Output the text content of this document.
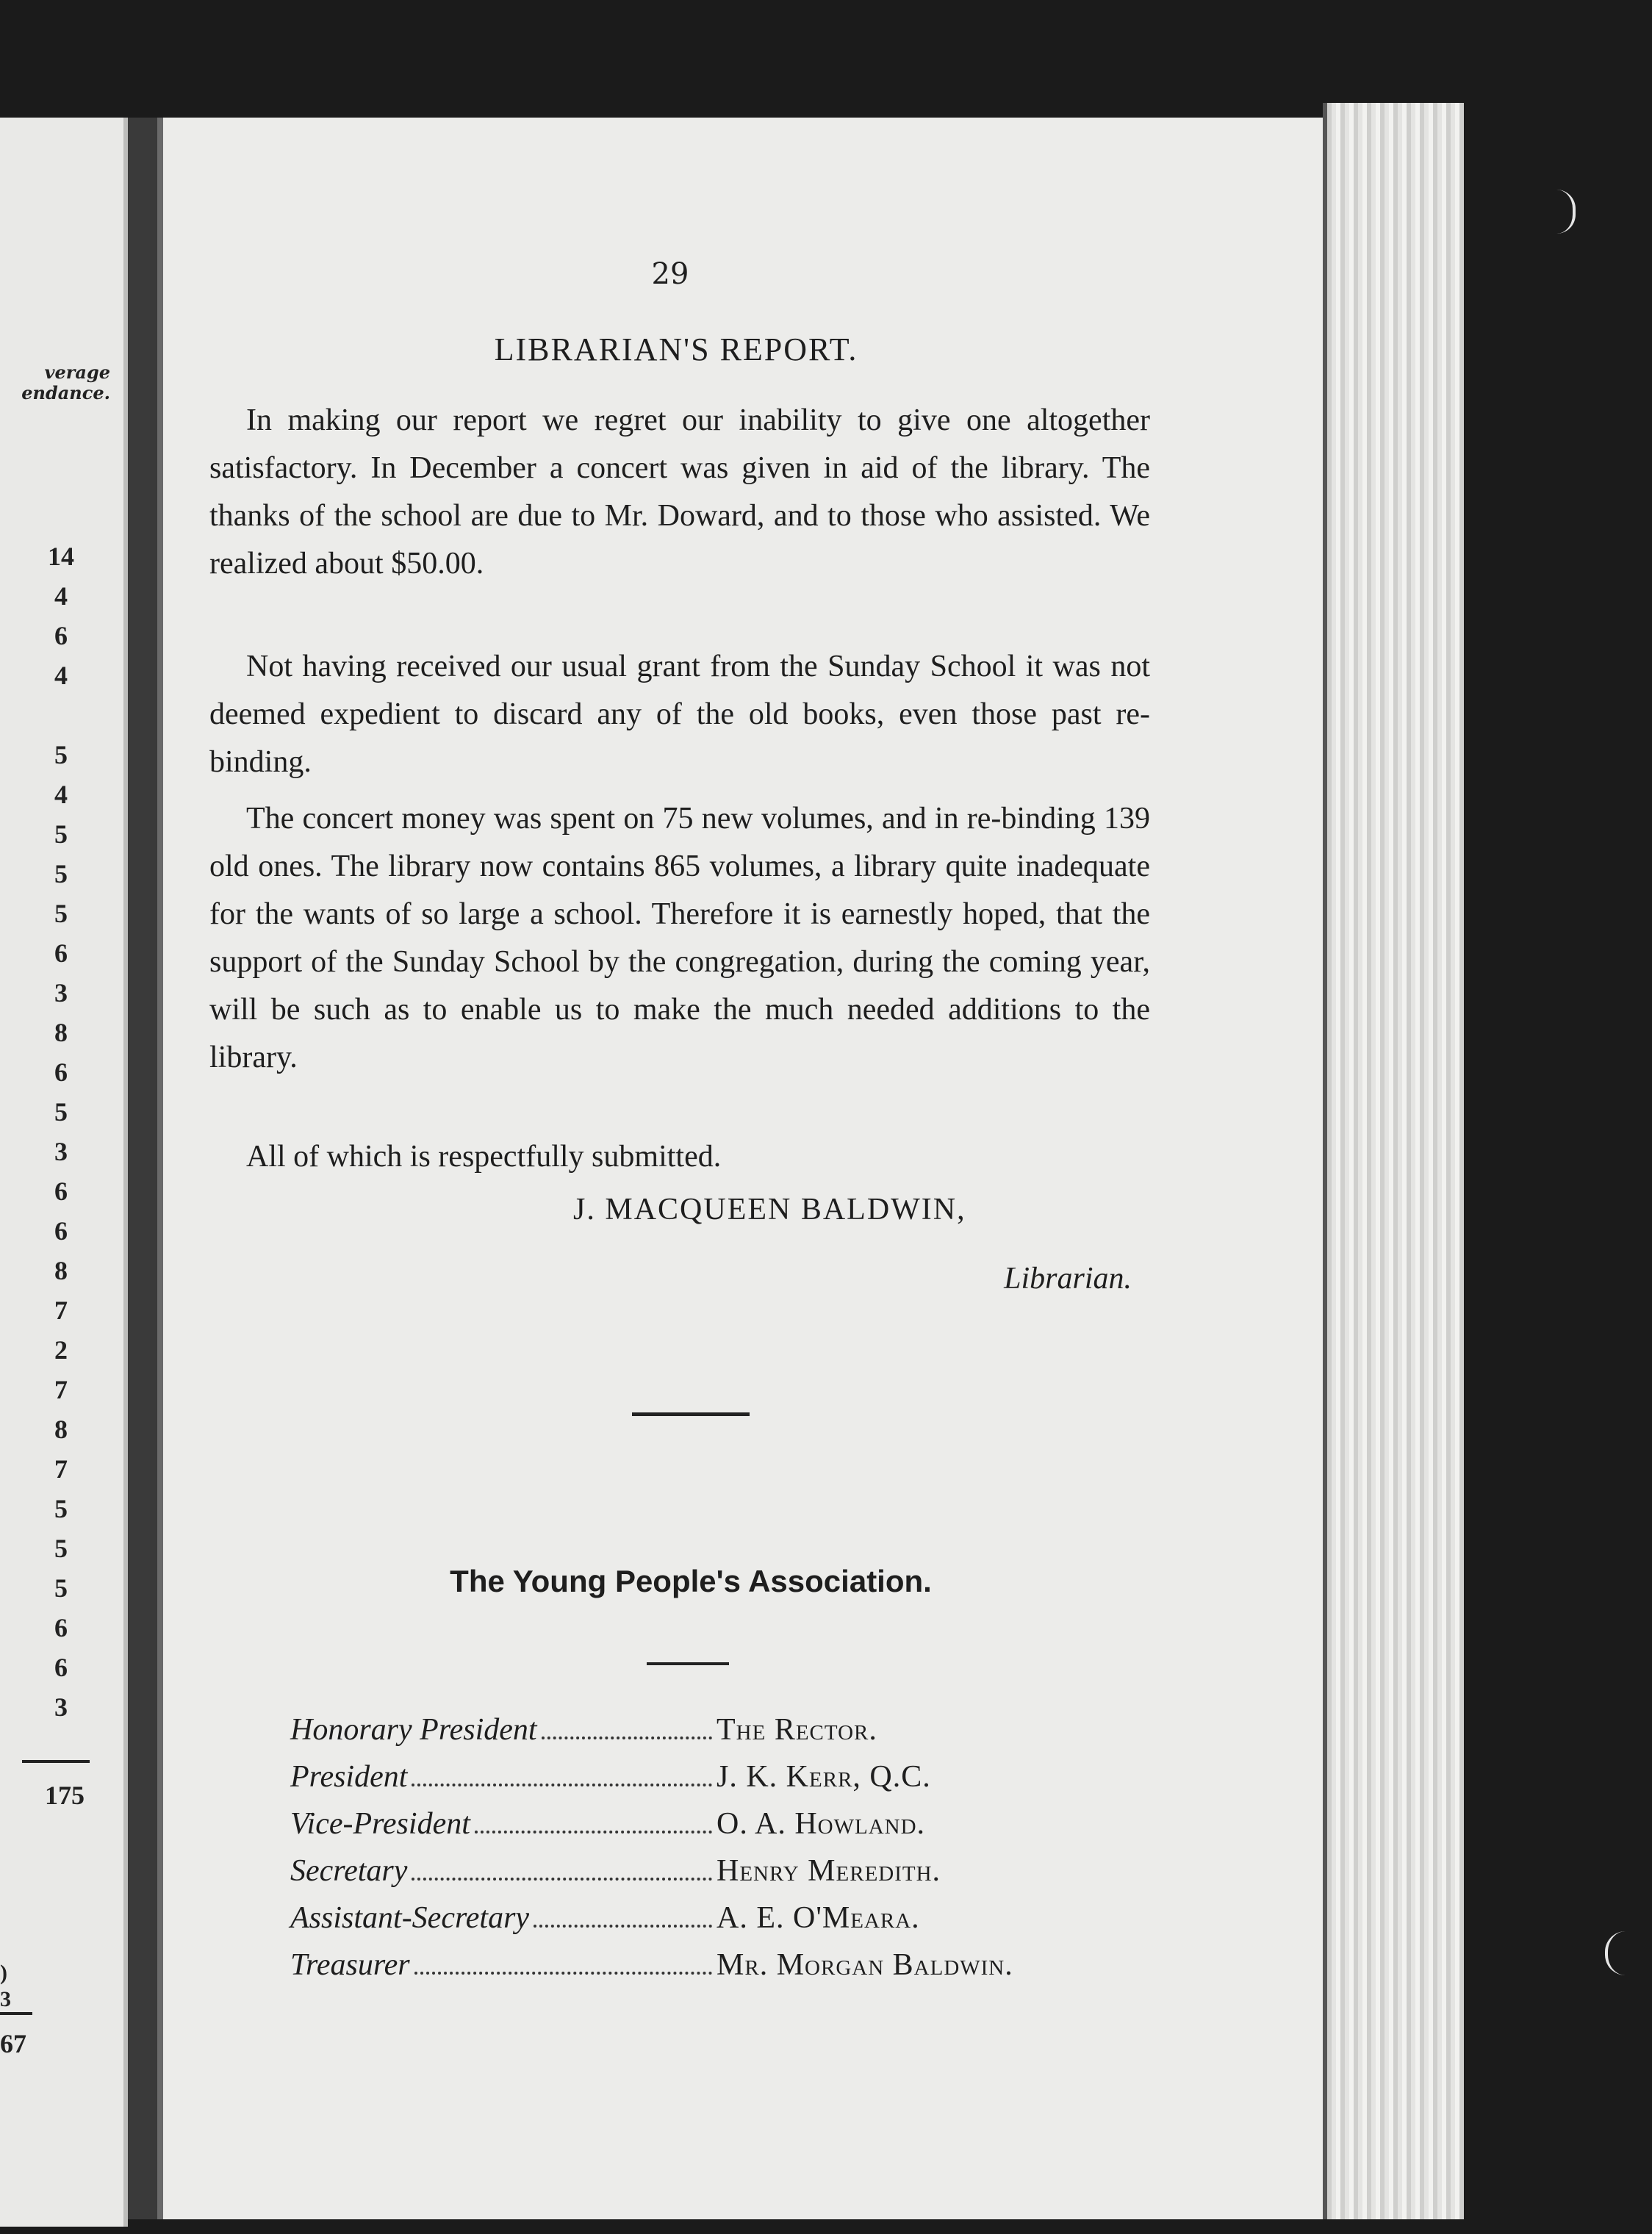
verage
endance.
14
4
6
4

5
4
5
5
5
6
3
8
6
5
3
6
6
8
7
2
7
8
7
5
5
5
6
6
3
175
)
3
67
29
LIBRARIAN'S REPORT.
In making our report we regret our inability to give one altogether satisfactory. In December a concert was given in aid of the library. The thanks of the school are due to Mr. Doward, and to those who assisted. We realized about $50.00.
Not having received our usual grant from the Sunday School it was not deemed expedient to discard any of the old books, even those past re-binding.
The concert money was spent on 75 new volumes, and in re-binding 139 old ones. The library now contains 865 volumes, a library quite inadequate for the wants of so large a school. Therefore it is earnestly hoped, that the support of the Sunday School by the congregation, during the coming year, will be such as to enable us to make the much needed additions to the library.
All of which is respectfully submitted.
J. MACQUEEN BALDWIN,
Librarian.
The Young People's Association.
Honorary President	The Rector.
President	J. K. Kerr, Q.C.
Vice-President	O. A. Howland.
Secretary	Henry Meredith.
Assistant-Secretary	A. E. O'Meara.
Treasurer	Mr. Morgan Baldwin.
